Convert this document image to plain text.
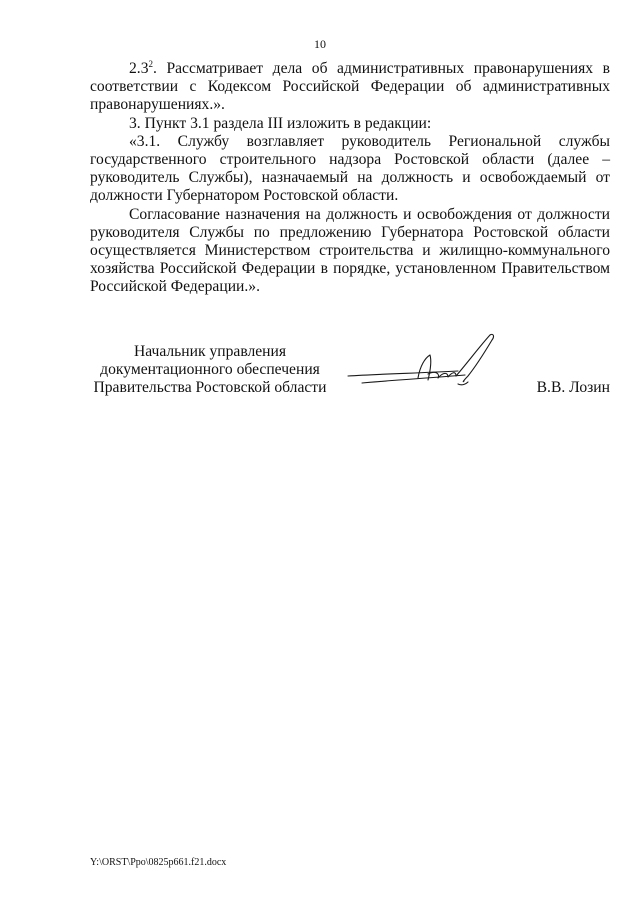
10

$2.3^2$. Рассматривает дела об административных правонарушениях в соответствии с Кодексом Российской Федерации об административных правонарушениях.».

3. Пункт 3.1 раздела III изложить в редакции:

«3.1. Службу возглавляет руководитель Региональной службы государственного строительного надзора Ростовской области (далее – руководитель Службы), назначаемый на должность и освобождаемый от должности Губернатором Ростовской области.

Согласование назначения на должность и освобождения от должности руководителя Службы по предложению Губернатора Ростовской области осуществляется Министерством строительства и жилищно-коммунального хозяйства Российской Федерации в порядке, установленном Правительством Российской Федерации.».

Начальник управления
документационного обеспечения
Правительства Ростовской области	В.В. Лозин
Y:\ORST\Ppo\0825p661.f21.docx
